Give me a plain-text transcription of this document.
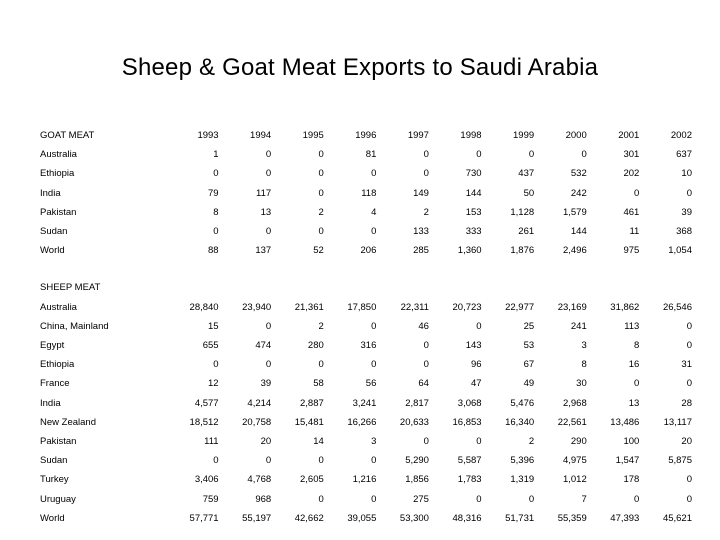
Sheep & Goat Meat Exports to Saudi Arabia
GOAT MEAT	1993	1994	1995	1996	1997	1998	1999	2000	2001	2002
Australia	1	0	0	81	0	0	0	0	301	637
Ethiopia	0	0	0	0	0	730	437	532	202	10
India	79	117	0	118	149	144	50	242	0	0
Pakistan	8	13	2	4	2	153	1,128	1,579	461	39
Sudan	0	0	0	0	133	333	261	144	11	368
World	88	137	52	206	285	1,360	1,876	2,496	975	1,054

SHEEP MEAT										
Australia	28,840	23,940	21,361	17,850	22,311	20,723	22,977	23,169	31,862	26,546
China, Mainland	15	0	2	0	46	0	25	241	113	0
Egypt	655	474	280	316	0	143	53	3	8	0
Ethiopia	0	0	0	0	0	96	67	8	16	31
France	12	39	58	56	64	47	49	30	0	0
India	4,577	4,214	2,887	3,241	2,817	3,068	5,476	2,968	13	28
New Zealand	18,512	20,758	15,481	16,266	20,633	16,853	16,340	22,561	13,486	13,117
Pakistan	111	20	14	3	0	0	2	290	100	20
Sudan	0	0	0	0	5,290	5,587	5,396	4,975	1,547	5,875
Turkey	3,406	4,768	2,605	1,216	1,856	1,783	1,319	1,012	178	0
Uruguay	759	968	0	0	275	0	0	7	0	0
World	57,771	55,197	42,662	39,055	53,300	48,316	51,731	55,359	47,393	45,621
